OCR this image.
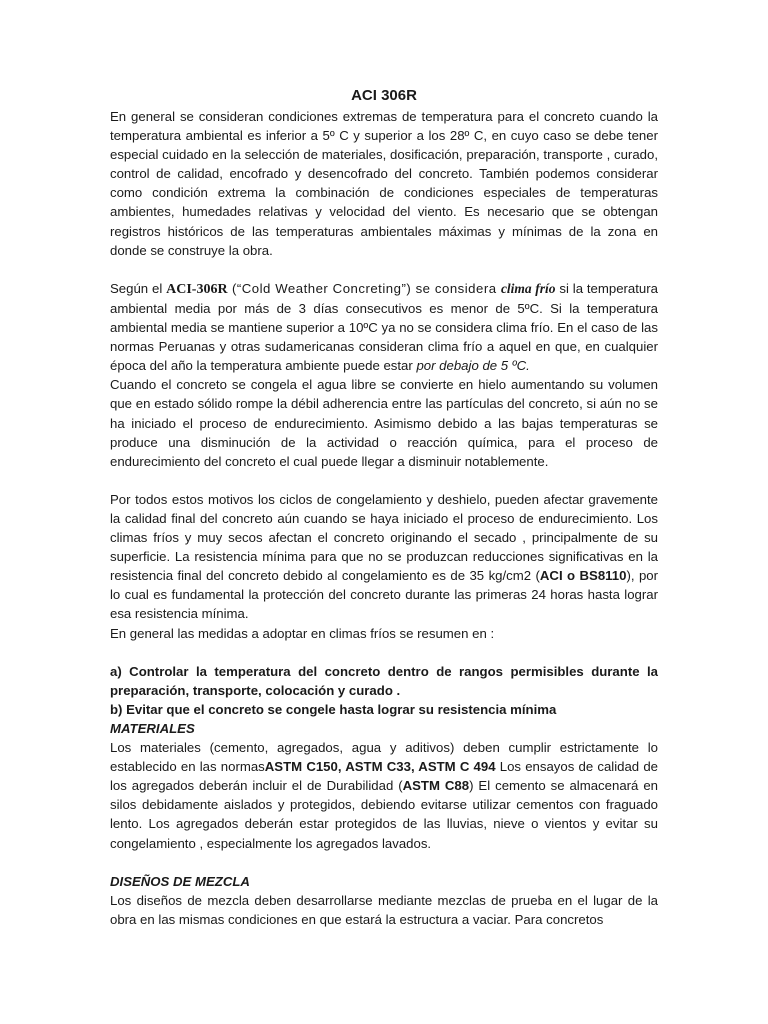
ACI 306R

En general se consideran condiciones extremas de temperatura para el concreto cuando la temperatura ambiental es inferior a 5º C y superior a los 28º C, en cuyo caso se debe tener especial cuidado en la selección de materiales, dosificación, preparación, transporte , curado, control de calidad, encofrado y desencofrado del concreto. También podemos considerar como condición extrema la combinación de condiciones especiales de temperaturas ambientes, humedades relativas y velocidad del viento. Es necesario que se obtengan registros históricos de las temperaturas ambientales máximas y mínimas de la zona en donde se construye la obra.

Según el ACI-306R (“Cold Weather Concreting”) se considera clima frío si la temperatura ambiental media por más de 3 días consecutivos es menor de 5ºC. Si la temperatura ambiental media se mantiene superior a 10ºC ya no se considera clima frío. En el caso de las normas Peruanas y otras sudamericanas consideran clima frío a aquel en que, en cualquier época del año la temperatura ambiente puede estar por debajo de 5 ºC.

Cuando el concreto se congela el agua libre se convierte en hielo aumentando su volumen que en estado sólido rompe la débil adherencia entre las partículas del concreto, si aún no se ha iniciado el proceso de endurecimiento. Asimismo debido a las bajas temperaturas se produce una disminución de la actividad o reacción química, para el proceso de endurecimiento del concreto el cual puede llegar a disminuir notablemente.

Por todos estos motivos los ciclos de congelamiento y deshielo, pueden afectar gravemente la calidad final del concreto aún cuando se haya iniciado el proceso de endurecimiento. Los climas fríos y muy secos afectan el concreto originando el secado , principalmente de su superficie. La resistencia mínima para que no se produzcan reducciones significativas en la resistencia final del concreto debido al congelamiento es de 35 kg/cm2 (ACI o BS8110), por lo cual es fundamental la protección del concreto durante las primeras 24 horas hasta lograr esa resistencia mínima.

En general las medidas a adoptar en climas fríos se resumen en :

a) Controlar la temperatura del concreto dentro de rangos permisibles durante la preparación, transporte, colocación y curado .

b) Evitar que el concreto se congele hasta lograr su resistencia mínima

MATERIALES

Los materiales (cemento, agregados, agua y aditivos) deben cumplir estrictamente lo establecido en las normasASTM C150, ASTM C33, ASTM C 494 Los ensayos de calidad de los agregados deberán incluir el de Durabilidad (ASTM C88) El cemento se almacenará en silos debidamente aislados y protegidos, debiendo evitarse utilizar cementos con fraguado lento. Los agregados deberán estar protegidos de las lluvias, nieve o vientos y evitar su congelamiento , especialmente los agregados lavados.

DISEÑOS DE MEZCLA

Los diseños de mezcla deben desarrollarse mediante mezclas de prueba en el lugar de la obra en las mismas condiciones en que estará la estructura a vaciar. Para concretos
